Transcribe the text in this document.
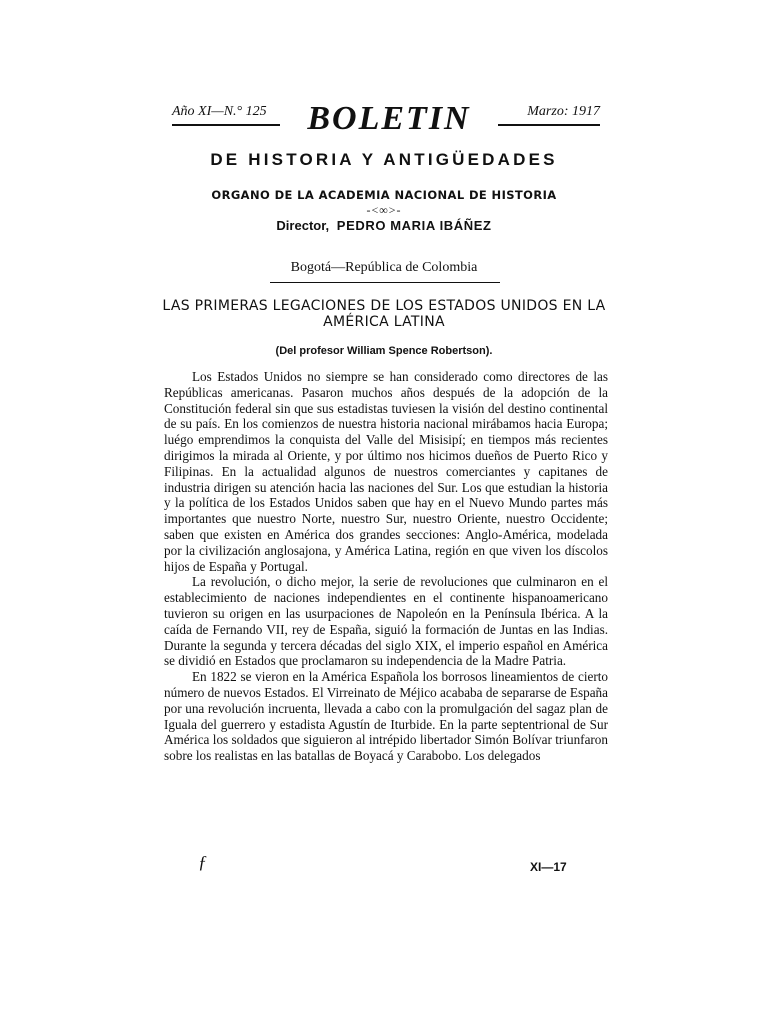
Año XI—N.° 125	BOLETIN	Marzo: 1917
DE HISTORIA Y ANTIGÜEDADES
ORGANO DE LA ACADEMIA NACIONAL DE HISTORIA
-<∞>-
Director, PEDRO MARIA IBÁÑEZ
Bogotá—República de Colombia
LAS PRIMERAS LEGACIONES DE LOS ESTADOS UNIDOS EN LA AMÉRICA LATINA
(Del profesor William Spence Robertson).

Los Estados Unidos no siempre se han considerado como directores de las Repúblicas americanas. Pasaron muchos años después de la adopción de la Constitución federal sin que sus estadistas tuviesen la visión del destino continental de su país. En los comienzos de nuestra historia nacional mirábamos hacia Europa; luégo emprendimos la conquista del Valle del Misisipí; en tiempos más recientes dirigimos la mirada al Oriente, y por último nos hicimos dueños de Puerto Rico y Filipinas. En la actualidad algunos de nuestros comerciantes y capitanes de industria dirigen su atención hacia las naciones del Sur. Los que estudian la historia y la política de los Estados Unidos saben que hay en el Nuevo Mundo partes más importantes que nuestro Norte, nuestro Sur, nuestro Oriente, nuestro Occidente; saben que existen en América dos grandes secciones: Anglo-América, modelada por la civilización anglosajona, y América Latina, región en que viven los díscolos hijos de España y Portugal.

La revolución, o dicho mejor, la serie de revoluciones que culminaron en el establecimiento de naciones independientes en el continente hispanoamericano tuvieron su origen en las usurpaciones de Napoleón en la Península Ibérica. A la caída de Fernando VII, rey de España, siguió la formación de Juntas en las Indias. Durante la segunda y tercera décadas del siglo XIX, el imperio español en América se dividió en Estados que proclamaron su independencia de la Madre Patria.

En 1822 se vieron en la América Española los borrosos lineamientos de cierto número de nuevos Estados. El Virreinato de Méjico acababa de separarse de España por una revolución incruenta, llevada a cabo con la promulgación del sagaz plan de Iguala del guerrero y estadista Agustín de Iturbide. En la parte septentrional de Sur América los soldados que siguieron al intrépido libertador Simón Bolívar triunfaron sobre los realistas en las batallas de Boyacá y Carabobo. Los delegados

ƒ	XI—17
